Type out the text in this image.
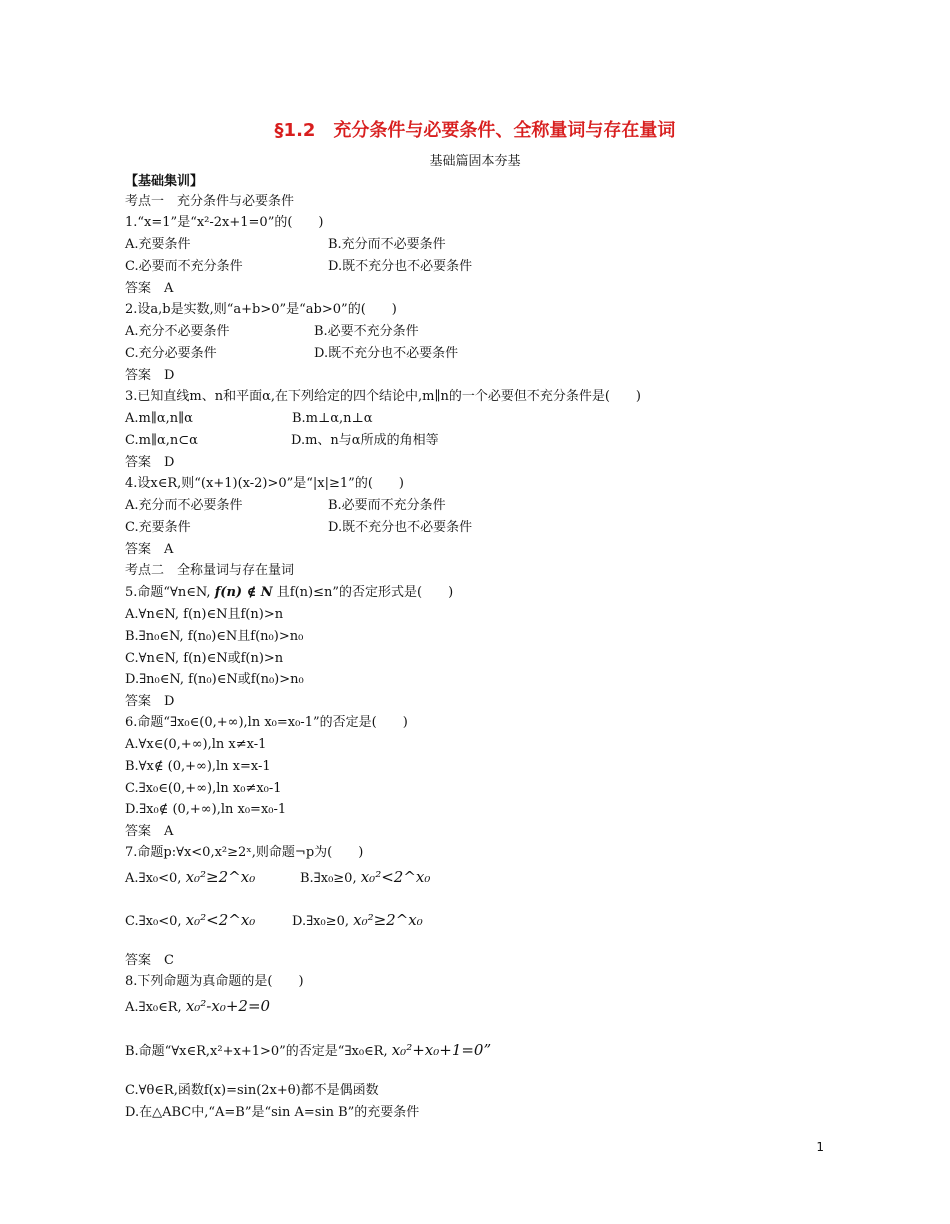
§1.2　充分条件与必要条件、全称量词与存在量词
基础篇固本夯基
【基础集训】
考点一　充分条件与必要条件
1.“x=1”是“x²-2x+1=0”的(　　)
A.充要条件	B.充分而不必要条件
C.必要而不充分条件	D.既不充分也不必要条件
答案　A
2.设a,b是实数,则“a+b>0”是“ab>0”的(　　)
A.充分不必要条件	B.必要不充分条件
C.充分必要条件	D.既不充分也不必要条件
答案　D
3.已知直线m、n和平面α,在下列给定的四个结论中,m∥n的一个必要但不充分条件是(　　)
A.m∥α,n∥α	B.m⊥α,n⊥α
C.m∥α,n⊂α	D.m、n与α所成的角相等
答案　D
4.设x∈R,则“(x+1)(x-2)>0”是“|x|≥1”的(　　)
A.充分而不必要条件	B.必要而不充分条件
C.充要条件	D.既不充分也不必要条件
答案　A
考点二　全称量词与存在量词
5.命题“∀n∈N, f(n) ∉ N 且f(n)≤n”的否定形式是(　　)
A.∀n∈N, f(n)∈N且f(n)>n
B.∃n₀∈N, f(n₀)∈N且f(n₀)>n₀
C.∀n∈N, f(n)∈N或f(n)>n
D.∃n₀∈N, f(n₀)∈N或f(n₀)>n₀
答案　D
6.命题“∃x₀∈(0,+∞),ln x₀=x₀-1”的否定是(　　)
A.∀x∈(0,+∞),ln x≠x-1
B.∀x∉ (0,+∞),ln x=x-1
C.∃x₀∈(0,+∞),ln x₀≠x₀-1
D.∃x₀∉ (0,+∞),ln x₀=x₀-1
答案　A
7.命题p:∀x<0,x²≥2ˣ,则命题¬p为(　　)
A.∃x₀<0, x₀²≥2^x₀	B.∃x₀≥0, x₀²<2^x₀
C.∃x₀<0, x₀²<2^x₀	D.∃x₀≥0, x₀²≥2^x₀
答案　C
8.下列命题为真命题的是(　　)
A.∃x₀∈R, x₀²-x₀+2=0
B.命题“∀x∈R,x²+x+1>0”的否定是“∃x₀∈R, x₀²+x₀+1=0”
C.∀θ∈R,函数f(x)=sin(2x+θ)都不是偶函数
D.在△ABC中,“A=B”是“sin A=sin B”的充要条件
1
